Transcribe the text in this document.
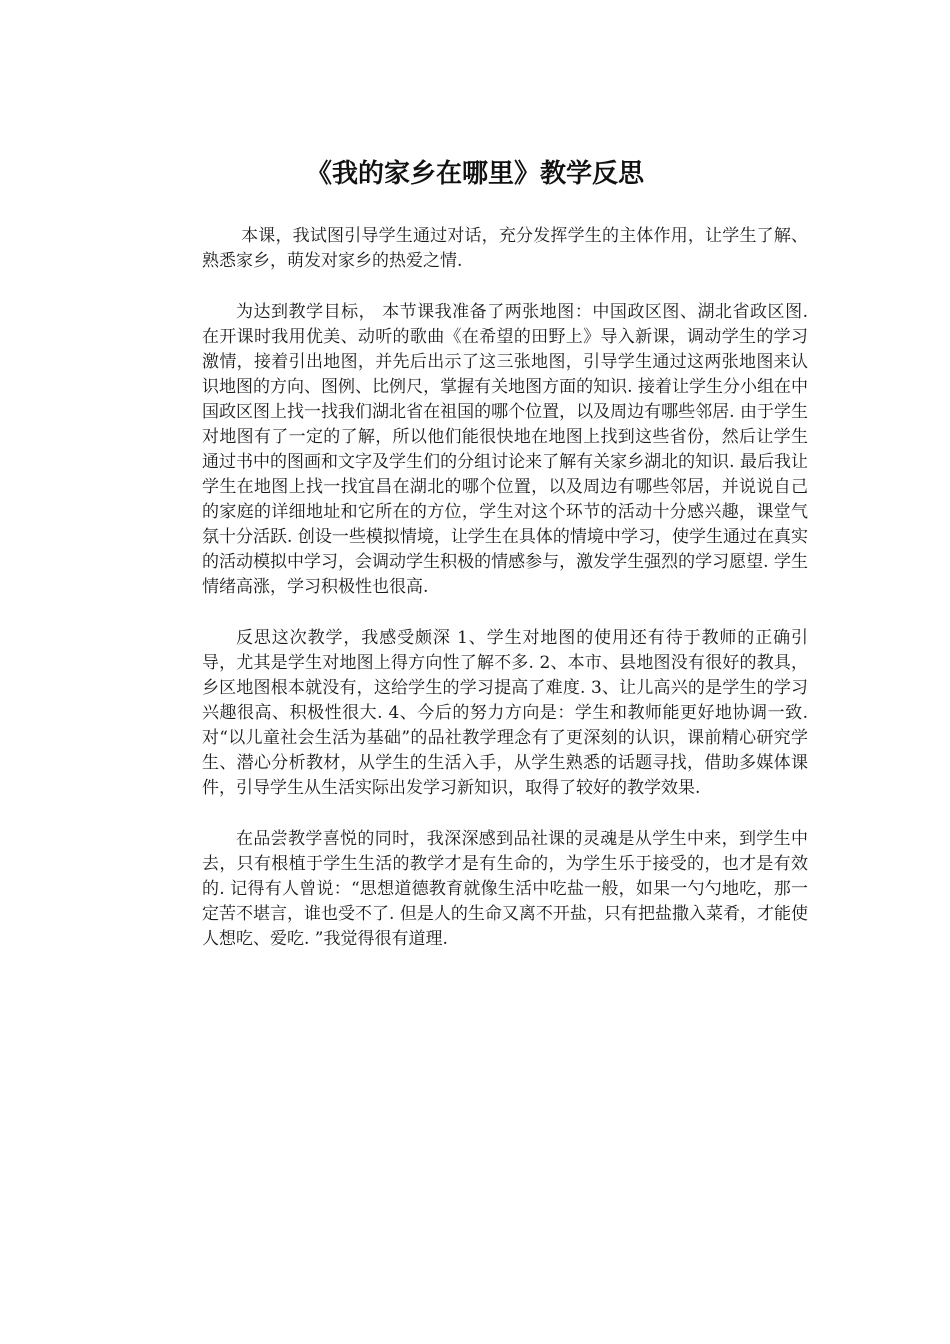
《我的家乡在哪里》教学反思

本课，我试图引导学生通过对话，充分发挥学生的主体作用，让学生了解、熟悉家乡，萌发对家乡的热爱之情.

为达到教学目标， 本节课我准备了两张地图：中国政区图、湖北省政区图. 在开课时我用优美、动听的歌曲《在希望的田野上》导入新课，调动学生的学习激情，接着引出地图，并先后出示了这三张地图，引导学生通过这两张地图来认识地图的方向、图例、比例尺，掌握有关地图方面的知识. 接着让学生分小组在中国政区图上找一找我们湖北省在祖国的哪个位置，以及周边有哪些邻居. 由于学生对地图有了一定的了解，所以他们能很快地在地图上找到这些省份，然后让学生通过书中的图画和文字及学生们的分组讨论来了解有关家乡湖北的知识. 最后我让学生在地图上找一找宜昌在湖北的哪个位置，以及周边有哪些邻居，并说说自己的家庭的详细地址和它所在的方位，学生对这个环节的活动十分感兴趣，课堂气氛十分活跃. 创设一些模拟情境，让学生在具体的情境中学习，使学生通过在真实的活动模拟中学习，会调动学生积极的情感参与，激发学生强烈的学习愿望. 学生情绪高涨，学习积极性也很高.

反思这次教学，我感受颇深 1、学生对地图的使用还有待于教师的正确引导，尤其是学生对地图上得方向性了解不多. 2、本市、县地图没有很好的教具，乡区地图根本就没有，这给学生的学习提高了难度. 3、让儿高兴的是学生的学习兴趣很高、积极性很大. 4、今后的努力方向是：学生和教师能更好地协调一致. 对“以儿童社会生活为基础”的品社教学理念有了更深刻的认识，课前精心研究学生、潜心分析教材，从学生的生活入手，从学生熟悉的话题寻找，借助多媒体课件，引导学生从生活实际出发学习新知识，取得了较好的教学效果.

在品尝教学喜悦的同时，我深深感到品社课的灵魂是从学生中来，到学生中去，只有根植于学生生活的教学才是有生命的，为学生乐于接受的，也才是有效的. 记得有人曾说：“思想道德教育就像生活中吃盐一般，如果一勺勺地吃，那一定苦不堪言，谁也受不了. 但是人的生命又离不开盐，只有把盐撒入菜肴，才能使人想吃、爱吃. ”我觉得很有道理.
